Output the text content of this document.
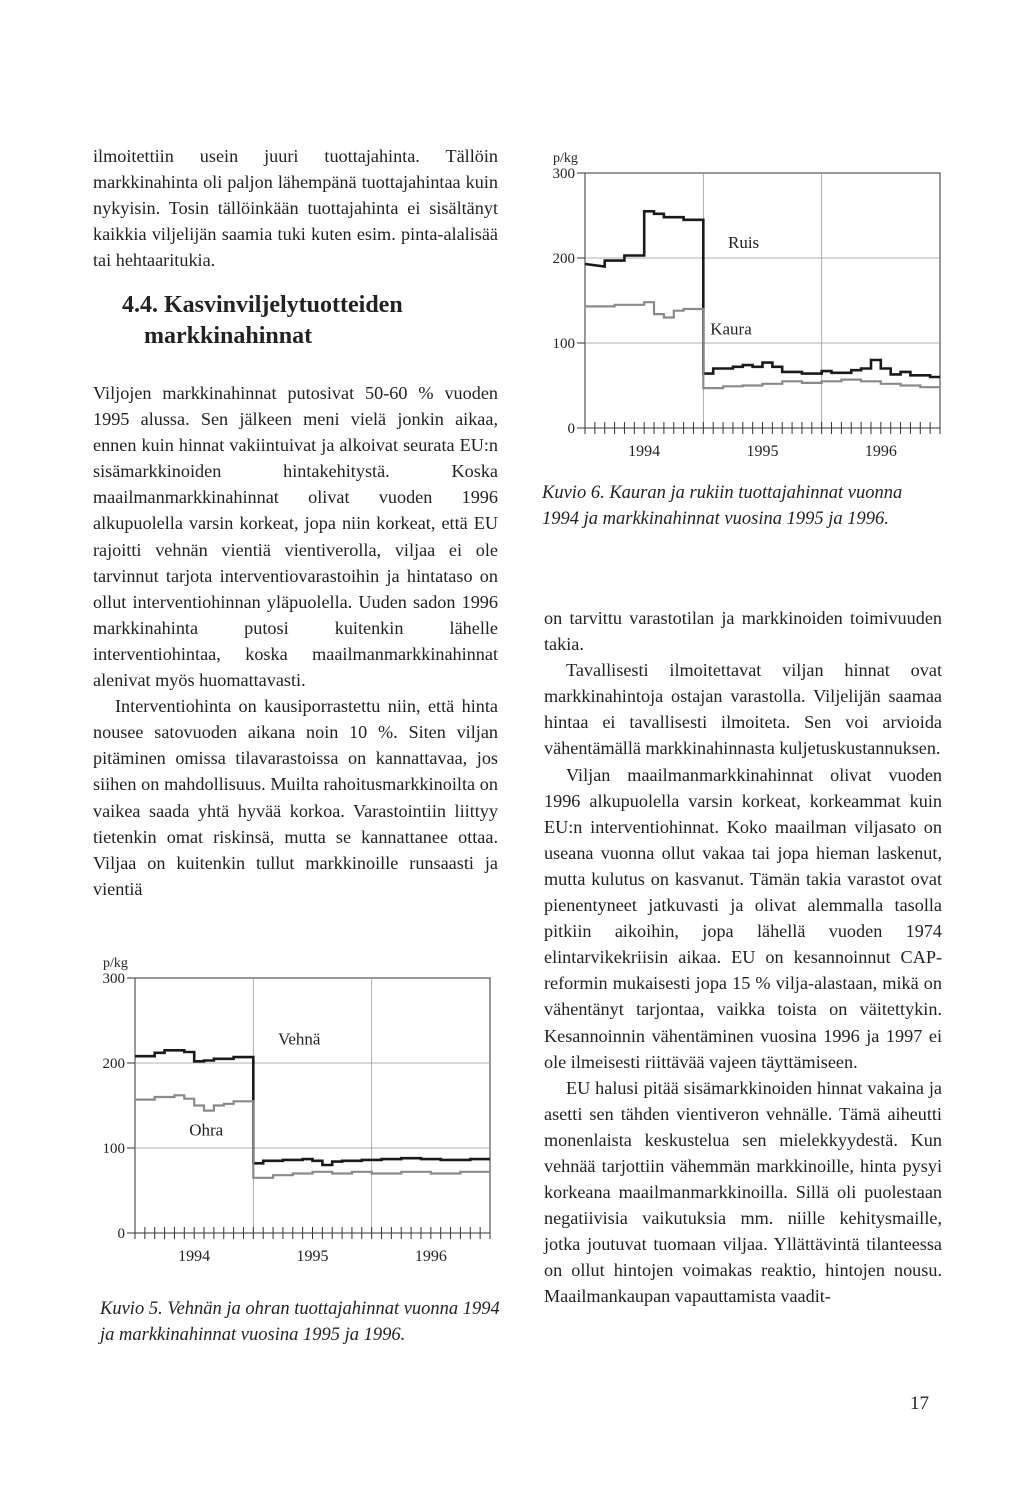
ilmoitettiin usein juuri tuottajahinta. Tällöin markkinahinta oli paljon lähempänä tuottajahintaa kuin nykyisin. Tosin tällöinkään tuottajahinta ei sisältänyt kaikkia viljelijän saamia tuki kuten esim. pinta-alalisää tai hehtaaritukia.

4.4. Kasvinviljelytuotteiden markkinahinnat

Viljojen markkinahinnat putosivat 50-60 % vuoden 1995 alussa. Sen jälkeen meni vielä jonkin aikaa, ennen kuin hinnat vakiintuivat ja alkoivat seurata EU:n sisämarkkinoiden hintakehitystä. Koska maailmanmarkkinahinnat olivat vuoden 1996 alkupuolella varsin korkeat, jopa niin korkeat, että EU rajoitti vehnän vientiä vientiverolla, viljaa ei ole tarvinnut tarjota interventiovarastoihin ja hintataso on ollut interventiohinnan yläpuolella. Uuden sadon 1996 markkinahinta putosi kuitenkin lähelle interventiohintaa, koska maailmanmarkkinahinnat alenivat myös huomattavasti.

Interventiohinta on kausiporrastettu niin, että hinta nousee satovuoden aikana noin 10 %. Siten viljan pitäminen omissa tilavarastoissa on kannattavaa, jos siihen on mahdollisuus. Muilta rahoitusmarkkinoilta on vaikea saada yhtä hyvää korkoa. Varastointiin liittyy tietenkin omat riskinsä, mutta se kannattanee ottaa. Viljaa on kuitenkin tullut markkinoille runsaasti ja vientiä

p/kg
0
100
200
300
1994	1995	1996
Vehnä
Ohra

Kuvio 5. Vehnän ja ohran tuottajahinnat vuonna 1994 ja markkinahinnat vuosina 1995 ja 1996.

p/kg
0
100
200
300
1994	1995	1996
Ruis
Kaura

Kuvio 6. Kauran ja rukiin tuottajahinnat vuonna 1994 ja markkinahinnat vuosina 1995 ja 1996.

on tarvittu varastotilan ja markkinoiden toimivuuden takia.

Tavallisesti ilmoitettavat viljan hinnat ovat markkinahintoja ostajan varastolla. Viljelijän saamaa hintaa ei tavallisesti ilmoiteta. Sen voi arvioida vähentämällä markkinahinnasta kuljetuskustannuksen.

Viljan maailmanmarkkinahinnat olivat vuoden 1996 alkupuolella varsin korkeat, korkeammat kuin EU:n interventiohinnat. Koko maailman viljasato on useana vuonna ollut vakaa tai jopa hieman laskenut, mutta kulutus on kasvanut. Tämän takia varastot ovat pienentyneet jatkuvasti ja olivat alemmalla tasolla pitkiin aikoihin, jopa lähellä vuoden 1974 elintarvikekriisin aikaa. EU on kesannoinnut CAP-reformin mukaisesti jopa 15 % vilja-alastaan, mikä on vähentänyt tarjontaa, vaikka toista on väitettykin. Kesannoinnin vähentäminen vuosina 1996 ja 1997 ei ole ilmeisesti riittävää vajeen täyttämiseen.

EU halusi pitää sisämarkkinoiden hinnat vakaina ja asetti sen tähden vientiveron vehnälle. Tämä aiheutti monenlaista keskustelua sen mielekkyydestä. Kun vehnää tarjottiin vähemmän markkinoille, hinta pysyi korkeana maailmanmarkkinoilla. Sillä oli puolestaan negatiivisia vaikutuksia mm. niille kehitysmaille, jotka joutuvat tuomaan viljaa. Yllättävintä tilanteessa on ollut hintojen voimakas reaktio, hintojen nousu. Maailmankaupan vapauttamista vaadit-

17
